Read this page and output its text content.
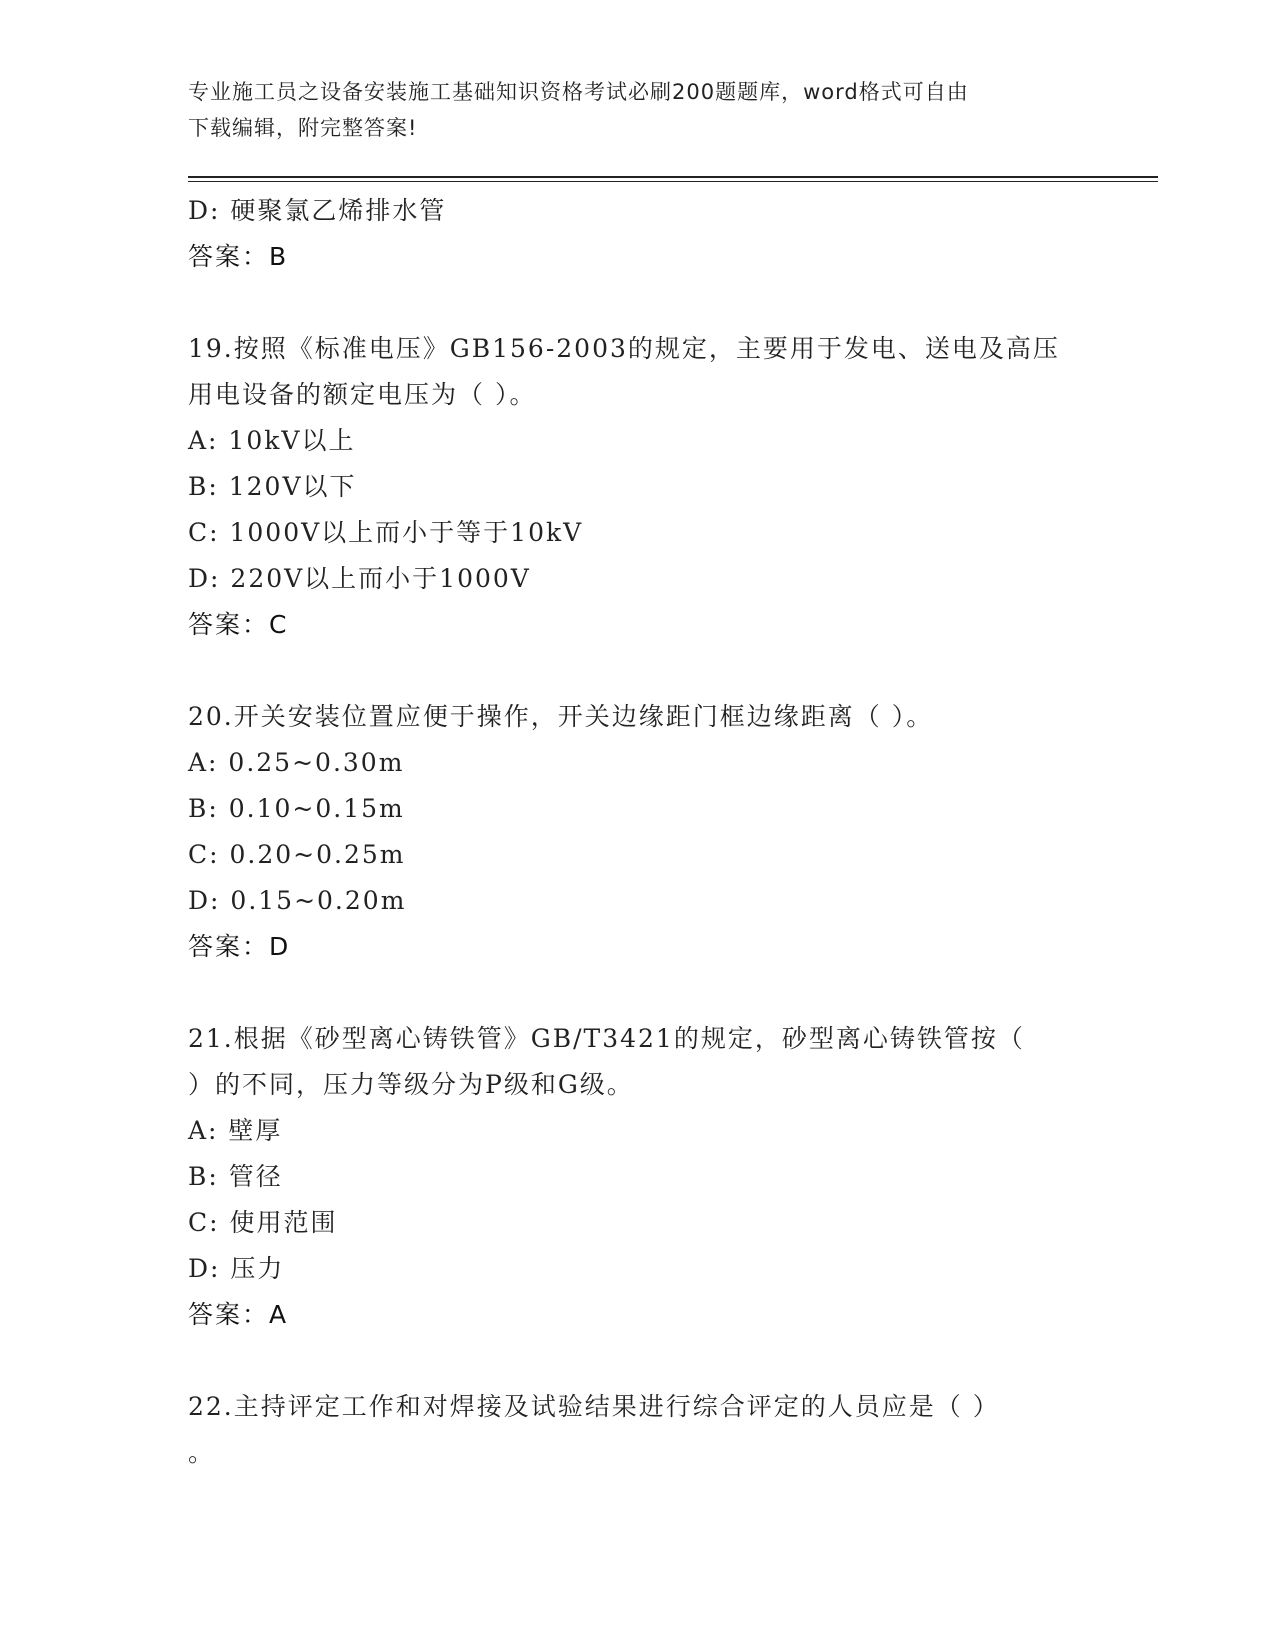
专业施工员之设备安装施工基础知识资格考试必刷200题题库，word格式可自由
下载编辑，附完整答案!
D: 硬聚氯乙烯排水管
答案：B
19.按照《标准电压》GB156-2003的规定，主要用于发电、送电及高压
用电设备的额定电压为（ ）。
A: 10kV以上
B: 120V以下
C: 1000V以上而小于等于10kV
D: 220V以上而小于1000V
答案：C
20.开关安装位置应便于操作，开关边缘距门框边缘距离（ ）。
A: 0.25~0.30m
B: 0.10~0.15m
C: 0.20~0.25m
D: 0.15~0.20m
答案：D
21.根据《砂型离心铸铁管》GB/T3421的规定，砂型离心铸铁管按（
）的不同，压力等级分为P级和G级。
A: 壁厚
B: 管径
C: 使用范围
D: 压力
答案：A
22.主持评定工作和对焊接及试验结果进行综合评定的人员应是（ ）
。
